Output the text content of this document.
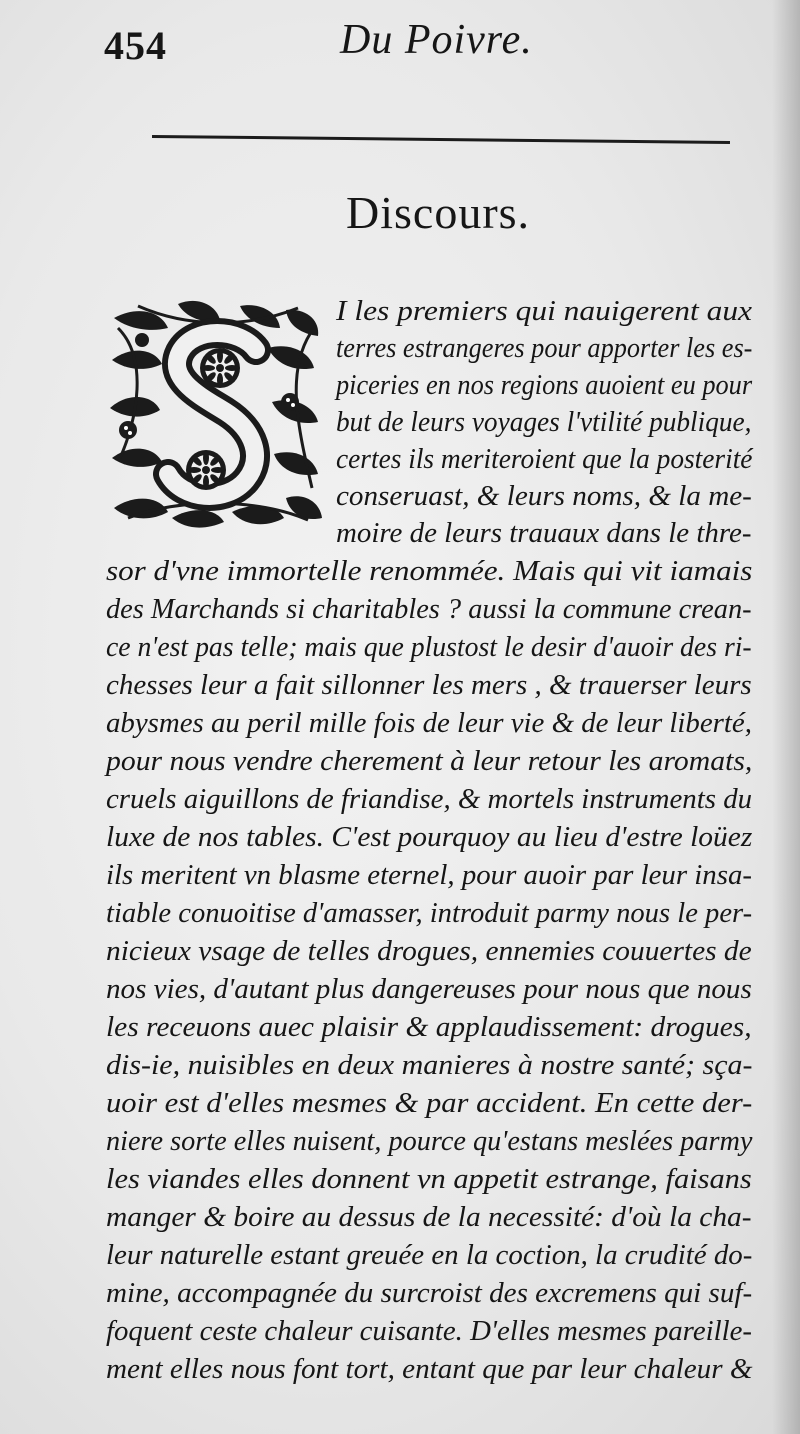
454	Du Poivre.
Discours.
I les premiers qui nauigerent aux
terres estrangeres pour apporter les es-
piceries en nos regions auoient eu pour
but de leurs voyages l'vtilité publique,
certes ils meriteroient que la posterité
conseruast, & leurs noms, & la me-
moire de leurs trauaux dans le thre-
sor d'vne immortelle renommée. Mais qui vit iamais
des Marchands si charitables ? aussi la commune crean-
ce n'est pas telle; mais que plustost le desir d'auoir des ri-
chesses leur a fait sillonner les mers , & trauerser leurs
abysmes au peril mille fois de leur vie & de leur liberté,
pour nous vendre cherement à leur retour les aromats,
cruels aiguillons de friandise, & mortels instruments du
luxe de nos tables. C'est pourquoy au lieu d'estre loüez
ils meritent vn blasme eternel, pour auoir par leur insa-
tiable conuoitise d'amasser, introduit parmy nous le per-
nicieux vsage de telles drogues, ennemies couuertes de
nos vies, d'autant plus dangereuses pour nous que nous
les receuons auec plaisir & applaudissement: drogues,
dis-ie, nuisibles en deux manieres à nostre santé; sça-
uoir est d'elles mesmes & par accident. En cette der-
niere sorte elles nuisent, pource qu'estans meslées parmy
les viandes elles donnent vn appetit estrange, faisans
manger & boire au dessus de la necessité: d'où la cha-
leur naturelle estant greuée en la coction, la crudité do-
mine, accompagnée du surcroist des excremens qui suf-
foquent ceste chaleur cuisante. D'elles mesmes pareille-
ment elles nous font tort, entant que par leur chaleur &
